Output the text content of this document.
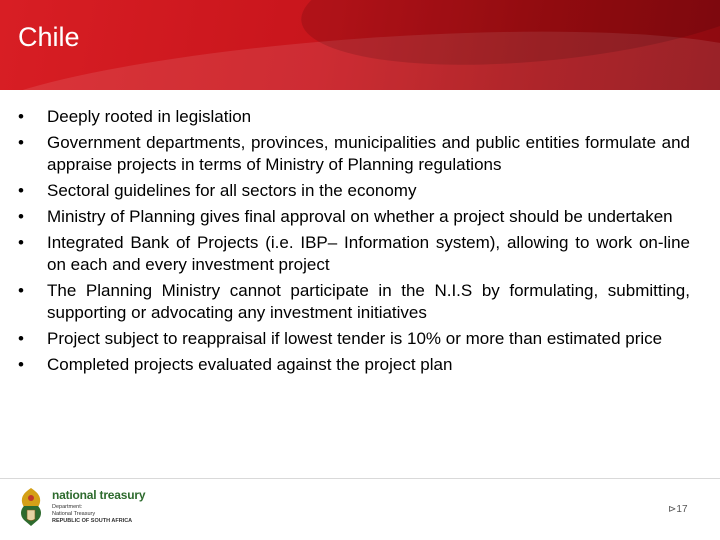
Chile
• Deeply rooted in legislation
• Government departments, provinces, municipalities and public entities formulate and appraise projects in terms of Ministry of Planning regulations
• Sectoral guidelines for all sectors in the economy
• Ministry of Planning gives final approval on whether a project should be undertaken
• Integrated Bank of Projects (i.e. IBP– Information system), allowing to work on-line on each and every investment project
• The Planning Ministry cannot participate in the N.I.S by formulating, submitting, supporting or advocating any investment initiatives
• Project subject to reappraisal if lowest tender is 10% or more than estimated price
• Completed projects evaluated against the project plan
national treasury
Department:
National Treasury
REPUBLIC OF SOUTH AFRICA
⊳17
